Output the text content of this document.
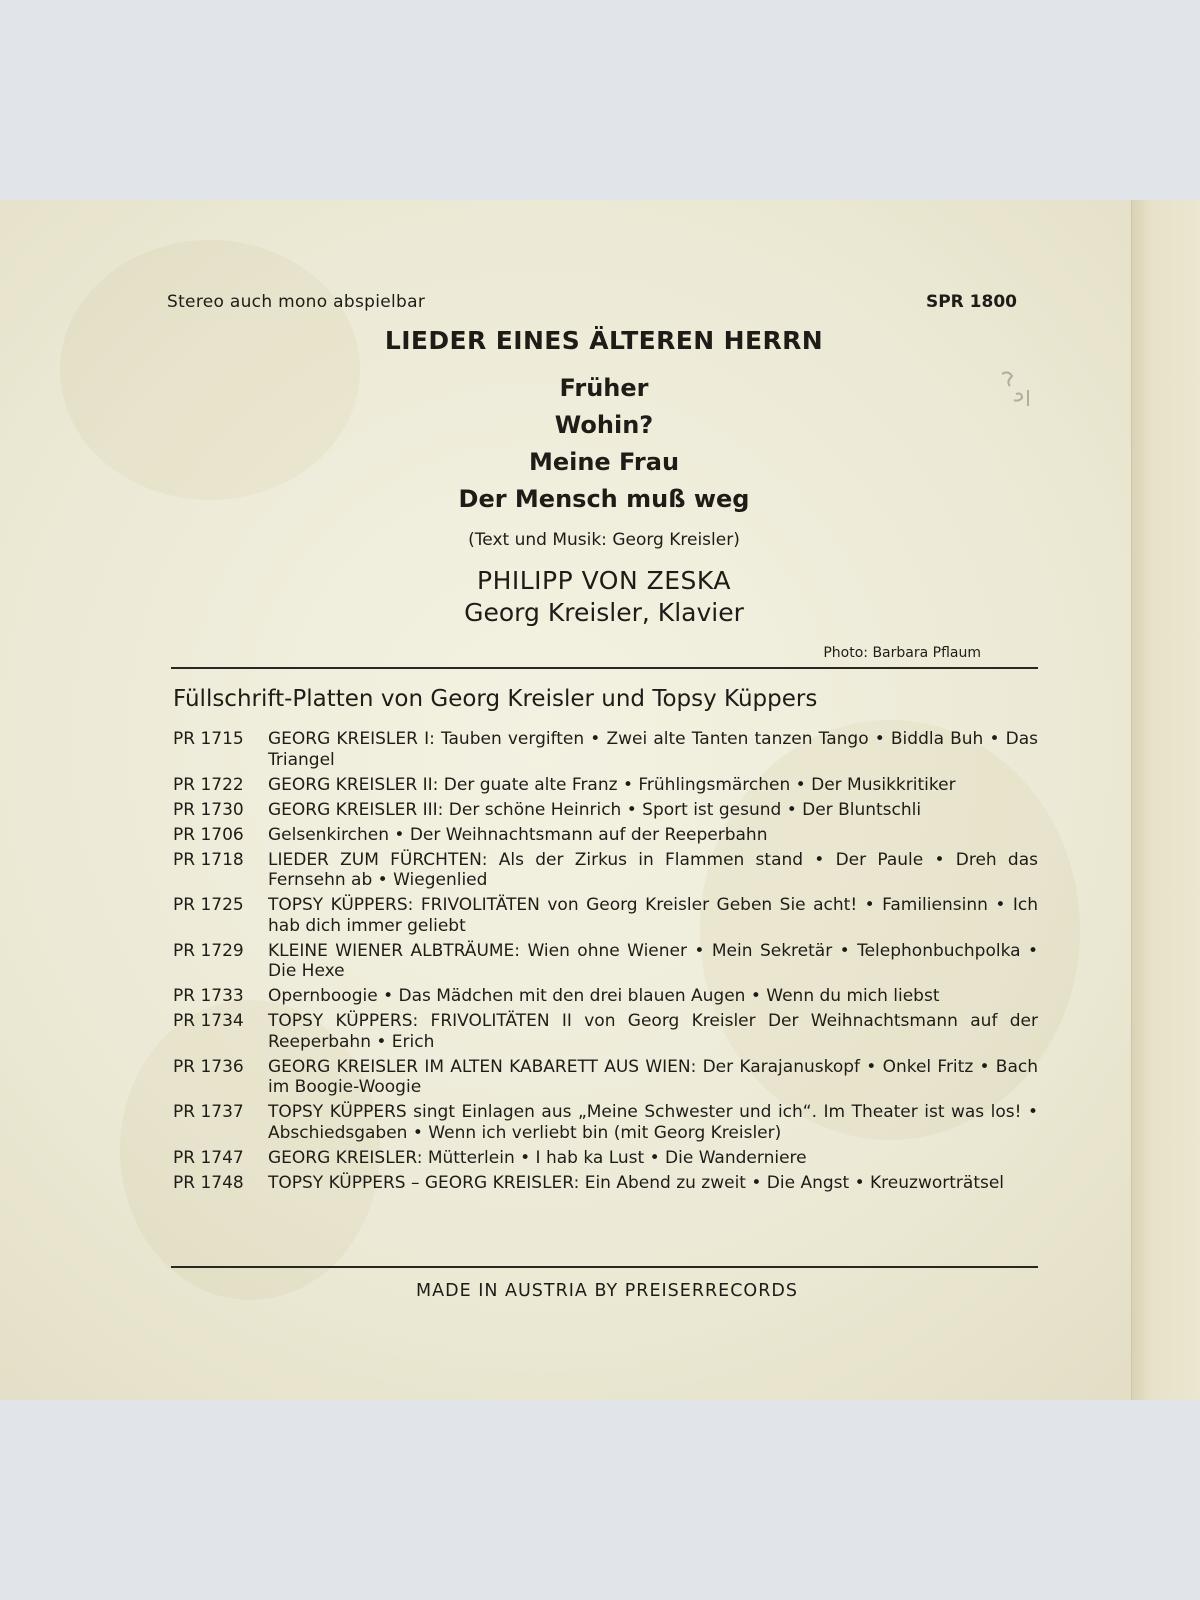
Stereo auch mono abspielbar	SPR 1800
LIEDER EINES ÄLTEREN HERRN
Früher
Wohin?
Meine Frau
Der Mensch muß weg
(Text und Musik: Georg Kreisler)
PHILIPP VON ZESKA
Georg Kreisler, Klavier
Photo: Barbara Pflaum
Füllschrift-Platten von Georg Kreisler und Topsy Küppers
PR 1715	GEORG KREISLER I: Tauben vergiften • Zwei alte Tanten tanzen Tango • Biddla Buh • Das Triangel
PR 1722	GEORG KREISLER II: Der guate alte Franz • Frühlingsmärchen • Der Musikkritiker
PR 1730	GEORG KREISLER III: Der schöne Heinrich • Sport ist gesund • Der Bluntschli
PR 1706	Gelsenkirchen • Der Weihnachtsmann auf der Reeperbahn
PR 1718	LIEDER ZUM FÜRCHTEN: Als der Zirkus in Flammen stand • Der Paule • Dreh das Fernsehn ab • Wiegenlied
PR 1725	TOPSY KÜPPERS: FRIVOLITÄTEN von Georg Kreisler Geben Sie acht! • Familiensinn • Ich hab dich immer geliebt
PR 1729	KLEINE WIENER ALBTRÄUME: Wien ohne Wiener • Mein Sekretär • Telephonbuchpolka • Die Hexe
PR 1733	Opernboogie • Das Mädchen mit den drei blauen Augen • Wenn du mich liebst
PR 1734	TOPSY KÜPPERS: FRIVOLITÄTEN II von Georg Kreisler Der Weihnachtsmann auf der Reeperbahn • Erich
PR 1736	GEORG KREISLER IM ALTEN KABARETT AUS WIEN: Der Karajanuskopf • Onkel Fritz • Bach im Boogie-Woogie
PR 1737	TOPSY KÜPPERS singt Einlagen aus „Meine Schwester und ich“. Im Theater ist was los! • Abschiedsgaben • Wenn ich verliebt bin (mit Georg Kreisler)
PR 1747	GEORG KREISLER: Mütterlein • I hab ka Lust • Die Wanderniere
PR 1748	TOPSY KÜPPERS – GEORG KREISLER: Ein Abend zu zweit • Die Angst • Kreuzworträtsel
MADE IN AUSTRIA BY PREISERRECORDS
